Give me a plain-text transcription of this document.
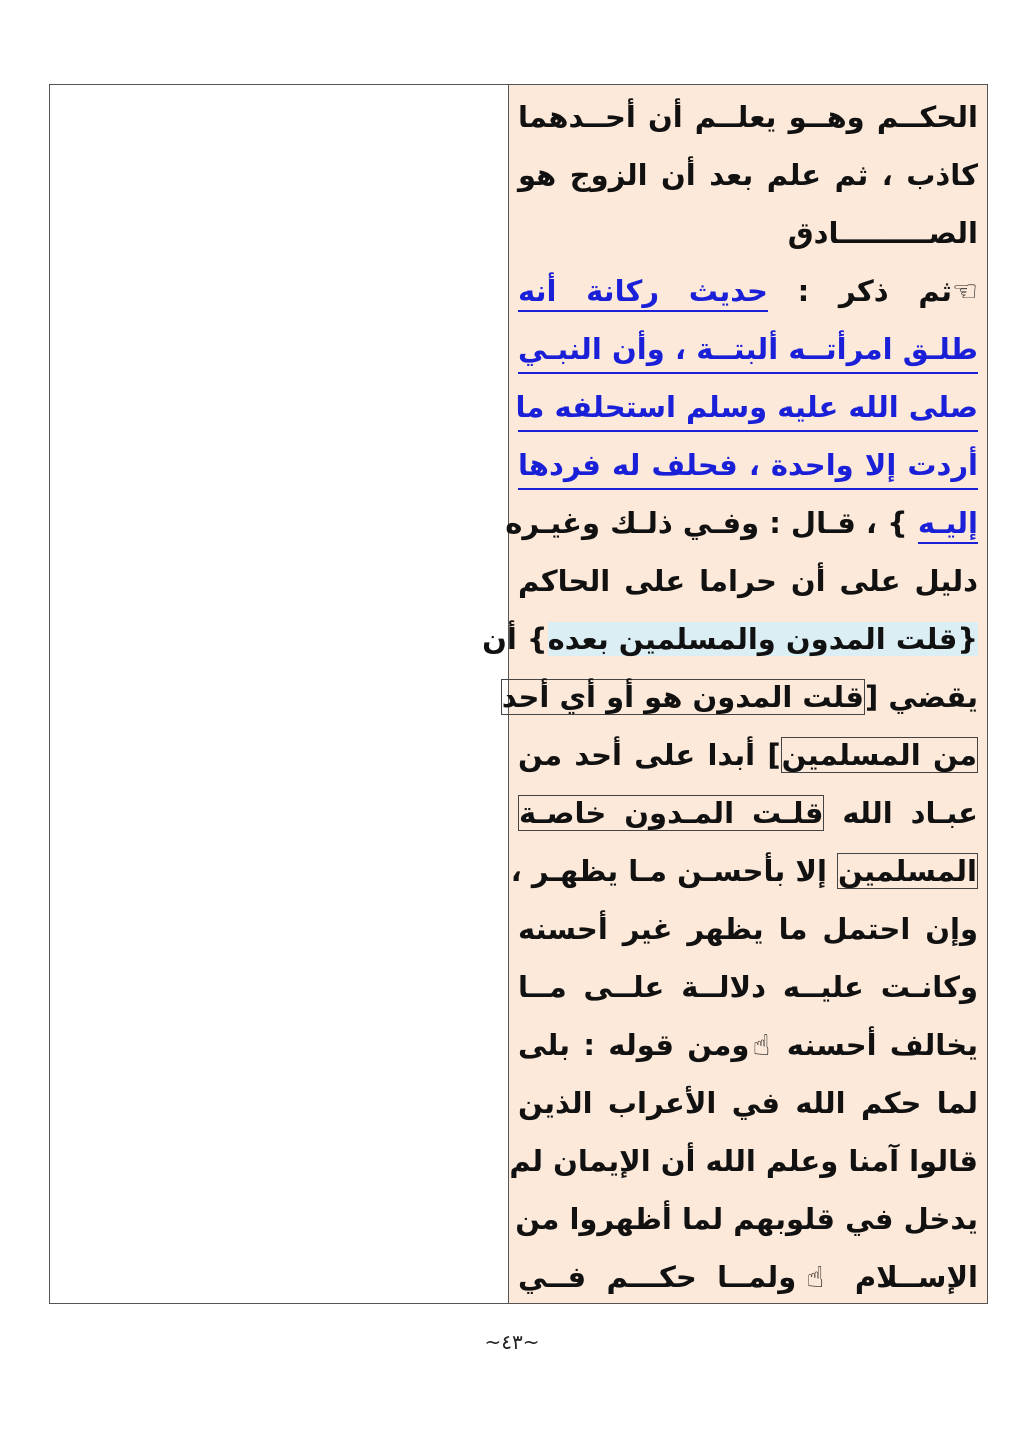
الحكــم وهــو يعلــم أن أحــدهما
كاذب ، ثم علم بعد أن الزوج هو
الصـــــــــادق
☜ثم ذكر : حديث ركانة أنه
طلـق امرأتــه ألبتــة ، وأن النبـي
صلى الله عليه وسلم استحلفه ما
أردت إلا واحدة ، فحلف له فردها
إليـه } ، قـال : وفـي ذلـك وغيـره
دليل على أن حراما على الحاكم
{قلت المدون والمسلمين بعده} أن
يقضي [قلت المدون هو أو أي أحد
من المسلمين] أبدا على أحد من
عبـاد الله قلـت المـدون خاصـة
المسلمين إلا بأحسـن مـا يظهـر ،
وإن احتمل ما يظهر غير أحسنه
وكانـت عليــه دلالــة علــى مــا
يخالف أحسنه ☝ومن قوله : بلى
لما حكم الله في الأعراب الذين
قالوا آمنا وعلم الله أن الإيمان لم
يدخل في قلوبهم لما أظهروا من
الإســلام ☝ولمــا حكـــم فــي
~٤٣~
